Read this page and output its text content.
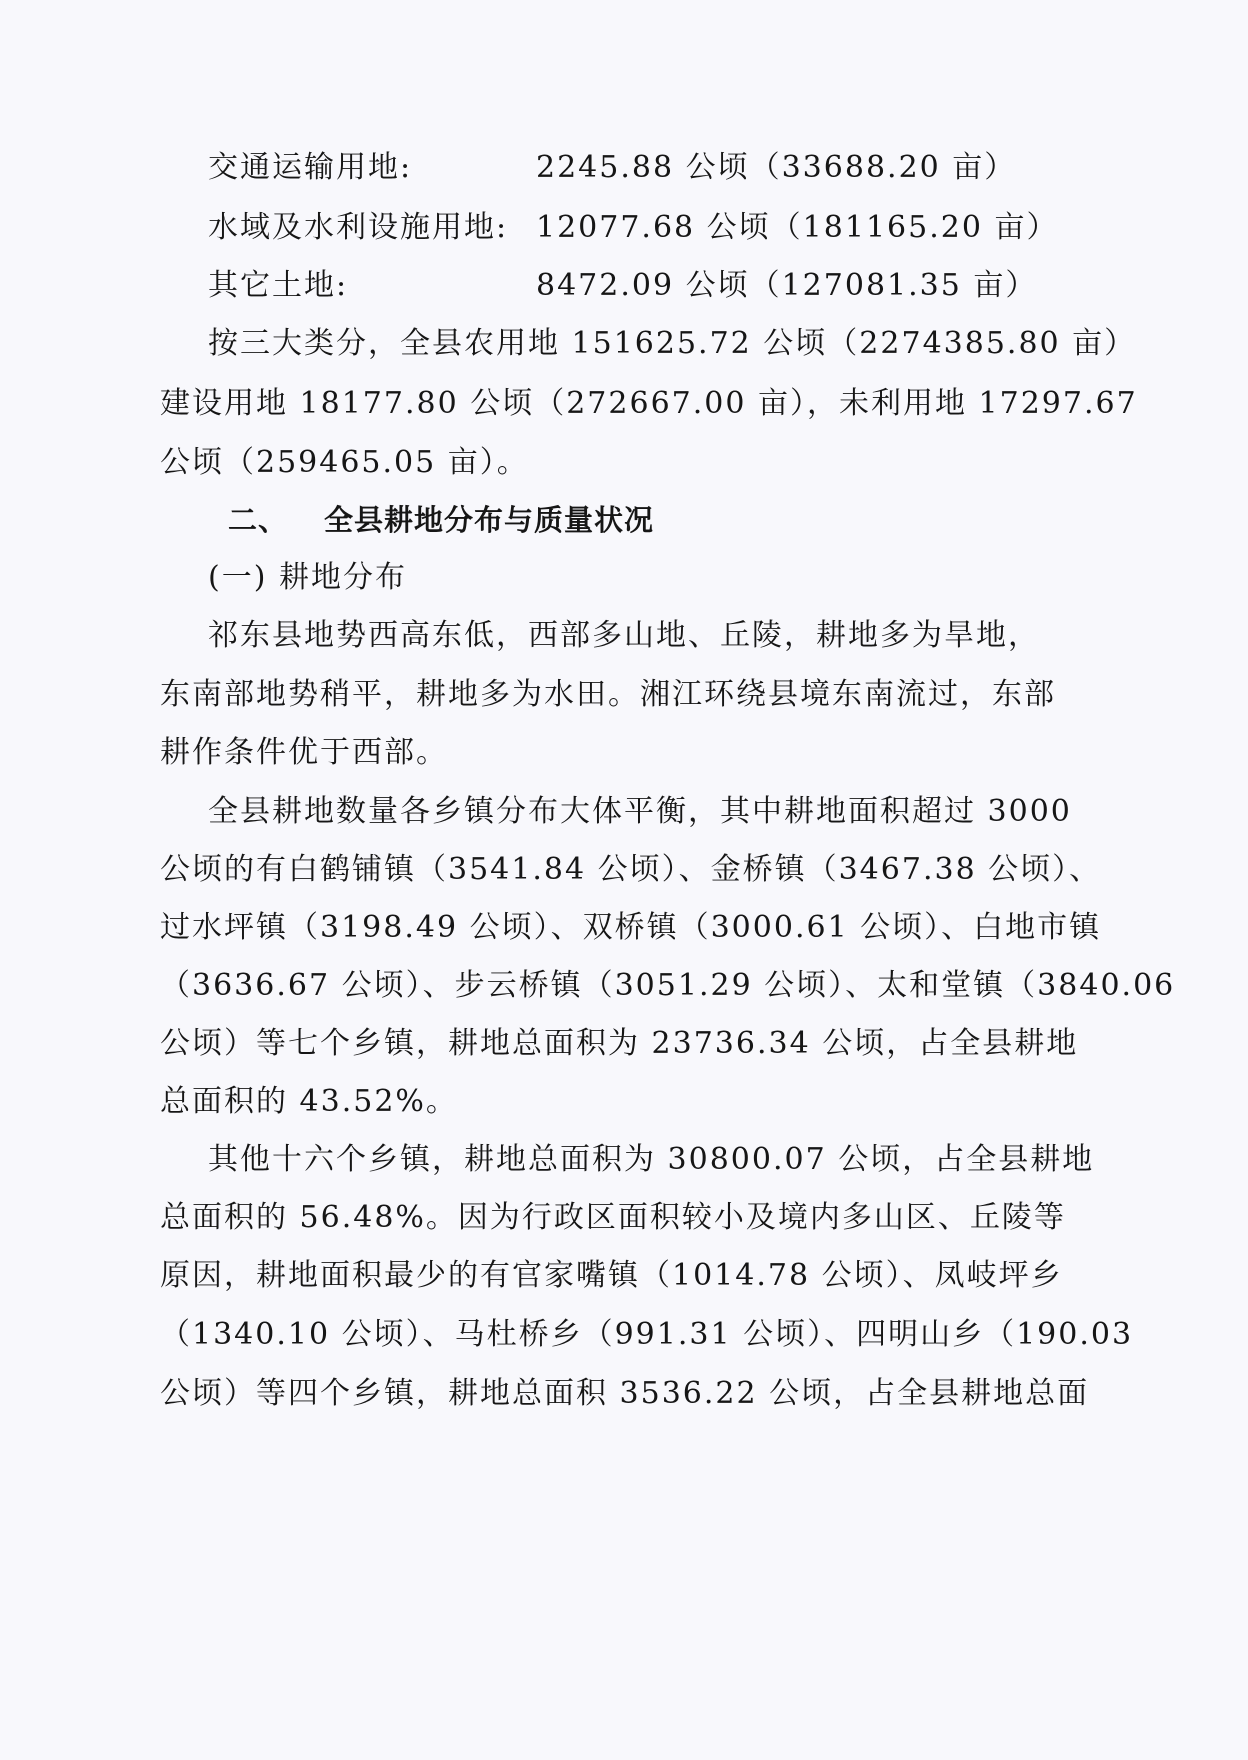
交通运输用地:	2245.88 公顷（33688.20 亩）
水域及水利设施用地: 12077.68 公顷（181165.20 亩）
其它土地:	8472.09 公顷（127081.35 亩）
按三大类分，全县农用地 151625.72 公顷（2274385.80 亩）
建设用地 18177.80 公顷（272667.00 亩），未利用地 17297.67
公顷（259465.05 亩）。
二、 全县耕地分布与质量状况
(一) 耕地分布
祁东县地势西高东低，西部多山地、丘陵，耕地多为旱地，
东南部地势稍平，耕地多为水田。湘江环绕县境东南流过，东部
耕作条件优于西部。
全县耕地数量各乡镇分布大体平衡，其中耕地面积超过 3000
公顷的有白鹤铺镇（3541.84 公顷）、金桥镇（3467.38 公顷）、
过水坪镇（3198.49 公顷）、双桥镇（3000.61 公顷）、白地市镇
（3636.67 公顷）、步云桥镇（3051.29 公顷）、太和堂镇（3840.06
公顷）等七个乡镇，耕地总面积为 23736.34 公顷，占全县耕地
总面积的 43.52%。
其他十六个乡镇，耕地总面积为 30800.07 公顷，占全县耕地
总面积的 56.48%。因为行政区面积较小及境内多山区、丘陵等
原因，耕地面积最少的有官家嘴镇（1014.78 公顷）、凤岐坪乡
（1340.10 公顷）、马杜桥乡（991.31 公顷）、四明山乡（190.03
公顷）等四个乡镇，耕地总面积 3536.22 公顷，占全县耕地总面
